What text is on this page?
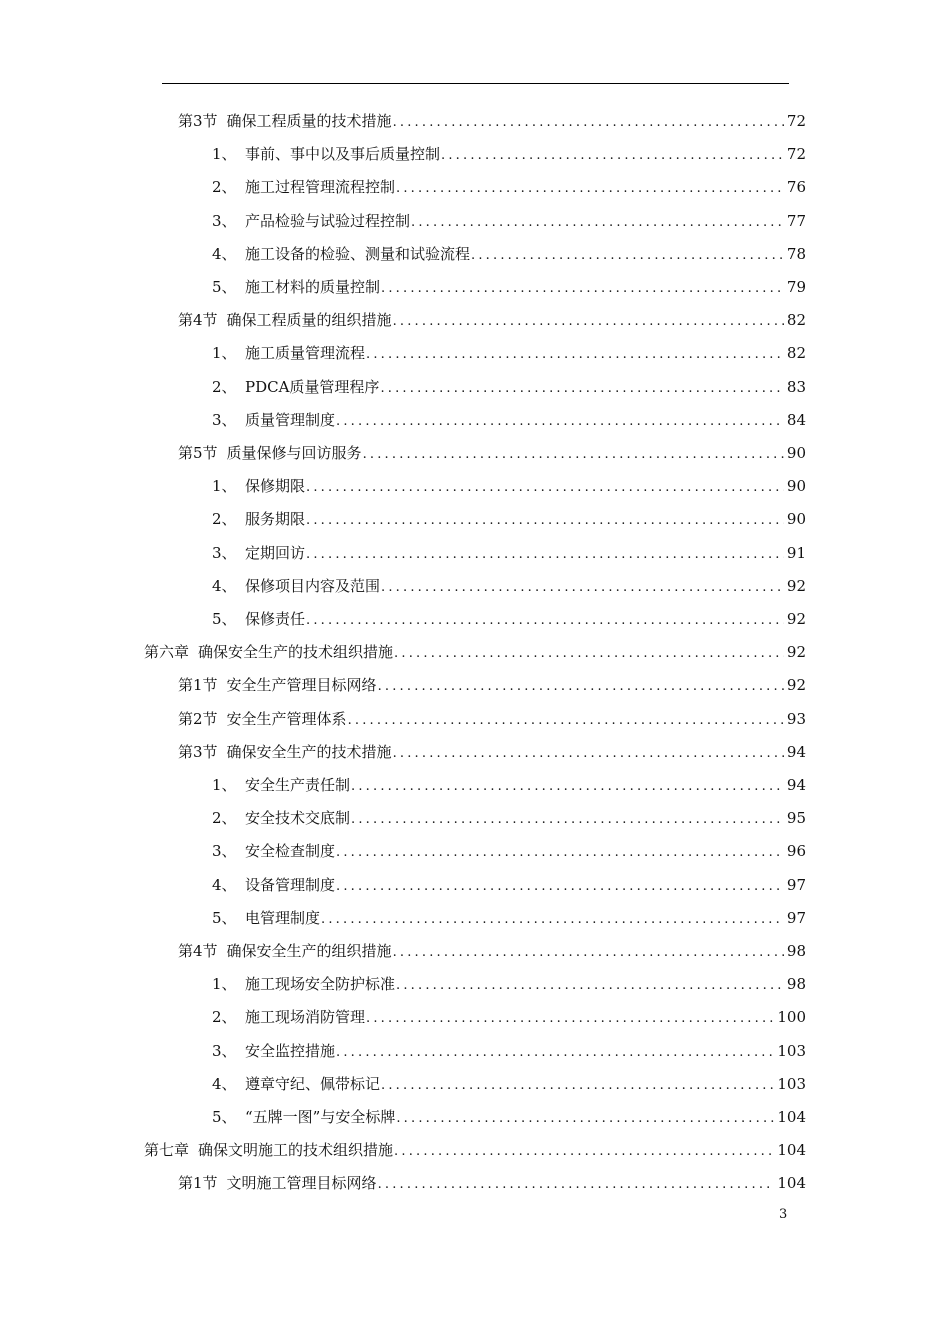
第3节 确保工程质量的技术措施 .....	72
1、 事前、事中以及事后质量控制 .....	72
2、 施工过程管理流程控制 .....	76
3、 产品检验与试验过程控制 .....	77
4、 施工设备的检验、测量和试验流程 .....	78
5、 施工材料的质量控制 .....	79
第4节 确保工程质量的组织措施 .....	82
1、 施工质量管理流程 .....	82
2、 PDCA质量管理程序 .....	83
3、 质量管理制度 .....	84
第5节 质量保修与回访服务 .....	90
1、 保修期限 .....	90
2、 服务期限 .....	90
3、 定期回访 .....	91
4、 保修项目内容及范围 .....	92
5、 保修责任 .....	92
第六章 确保安全生产的技术组织措施 .....	92
第1节 安全生产管理目标网络 .....	92
第2节 安全生产管理体系 .....	93
第3节 确保安全生产的技术措施 .....	94
1、 安全生产责任制 .....	94
2、 安全技术交底制 .....	95
3、 安全检查制度 .....	96
4、 设备管理制度 .....	97
5、 电管理制度 .....	97
第4节 确保安全生产的组织措施 .....	98
1、 施工现场安全防护标准 .....	98
2、 施工现场消防管理 .....	100
3、 安全监控措施 .....	103
4、 遵章守纪、佩带标记 .....	103
5、 “五牌一图”与安全标牌 .....	104
第七章 确保文明施工的技术组织措施 .....	104
第1节 文明施工管理目标网络 .....	104
3
